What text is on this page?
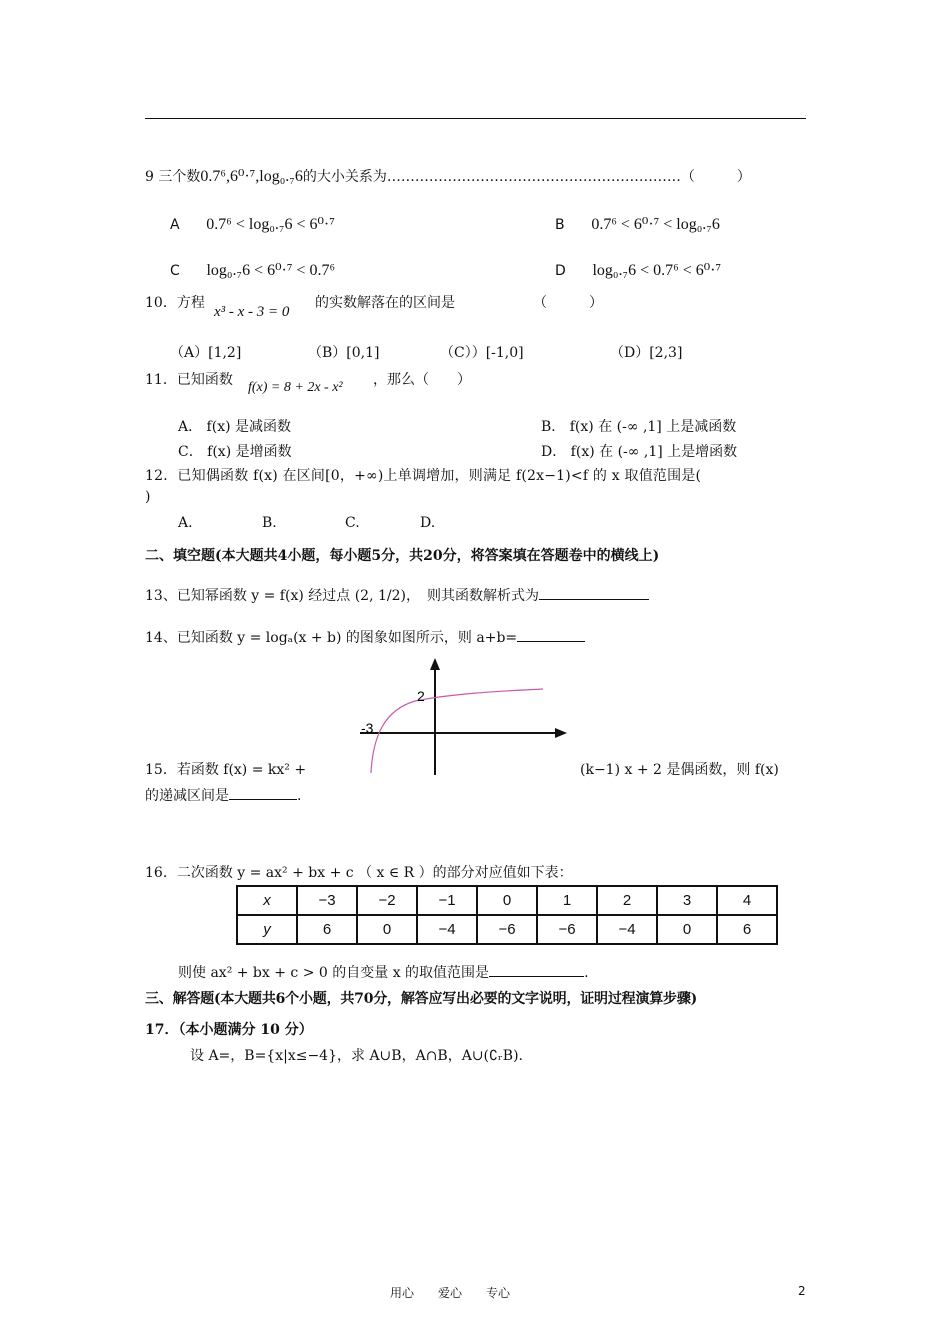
9 三个数0.7⁶,6⁰·⁷,log₀.₇6的大小关系为………………………………………………………（　　　）
A 0.7⁶ < log₀.₇6 < 6⁰·⁷	B 0.7⁶ < 6⁰·⁷ < log₀.₇6
C log₀.₇6 < 6⁰·⁷ < 0.7⁶	D log₀.₇6 < 0.7⁶ < 6⁰·⁷
10．方程
x³ - x - 3 = 0
的实数解落在的区间是	（　　　）
（A）[1,2]	（B）[0,1]	（C））[-1,0]	（D）[2,3]
11．已知函数 f(x) = 8 + 2x - x² ，那么（　　）
A． f(x) 是减函数	B． f(x) 在 (-∞ ,1] 上是减函数
C． f(x) 是增函数	D． f(x) 在 (-∞ ,1] 上是增函数
12．已知偶函数 f(x) 在区间[0，+∞)上单调增加，则满足 f(2x−1)<f 的 x 取值范围是(
)
A.	B.	C.	D.
二、填空题(本大题共4小题，每小题5分，共20分，将答案填在答题卷中的横线上)
13、已知幂函数 y = f(x) 经过点 (2, 1/2)，　则其函数解析式为
14、已知函数 y = logₐ(x + b) 的图象如图所示，则 a+b=
2
-3
15．若函数 f(x) = kx² +	(k−1) x + 2 是偶函数，则 f(x)
的递减区间是	.
16．二次函数 y = ax² + bx + c （ x ∈ R ）的部分对应值如下表：
x	−3	−2	−1	0	1	2	3	4
y	6	0	−4	−6	−6	−4	0	6
则使 ax² + bx + c > 0 的自变量 x 的取值范围是	.
三、解答题(本大题共6个小题，共70分，解答应写出必要的文字说明，证明过程演算步骤)
17．（本小题满分 10 分）
设 A=，B={x|x≤−4}，求 A∪B，A∩B，A∪(∁ᵣB).
用心　　爱心　　专心	2
